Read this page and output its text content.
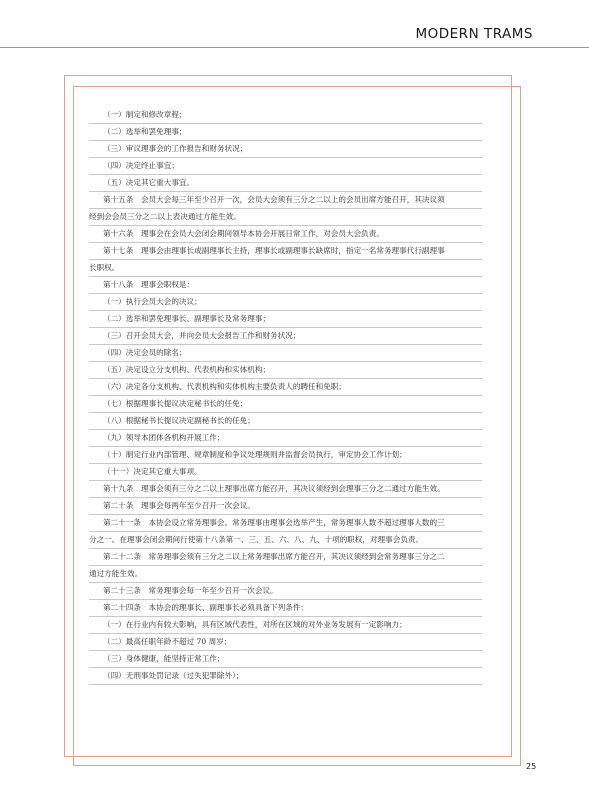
MODERN TRAMS
（一）制定和修改章程；
（二）选举和罢免理事；
（三）审议理事会的工作报告和财务状况；
（四）决定终止事宜；
（五）决定其它重大事宜。
第十五条　会员大会每三年至少召开一次，会员大会须有三分之二以上的会员出席方能召开，其决议须
经到会会员三分之二以上表决通过方能生效。
第十六条　理事会在会员大会闭会期间领导本协会开展日常工作，对会员大会负责。
第十七条　理事会由理事长或副理事长主持，理事长或副理事长缺席时，指定一名常务理事代行副理事
长职权。
第十八条　理事会职权是：
（一）执行会员大会的决议；
（二）选举和罢免理事长、副理事长及常务理事；
（三）召开会员大会，并向会员大会报告工作和财务状况；
（四）决定会员的除名；
（五）决定设立分支机构、代表机构和实体机构；
（六）决定各分支机构、代表机构和实体机构主要负责人的聘任和免职；
（七）根据理事长提议决定秘书长的任免；
（八）根据秘书长提议决定副秘书长的任免；
（九）领导本团体各机构开展工作；
（十）制定行业内部管理、规章制度和争议处理规则并监督会员执行，审定协会工作计划；
（十一）决定其它重大事项。
第十九条　理事会须有三分之二以上理事出席方能召开，其决议须经到会理事三分之二通过方能生效。
第二十条　理事会每两年至少召开一次会议。
第二十一条　本协会设立常务理事会。常务理事由理事会选举产生，常务理事人数不超过理事人数的三
分之一。在理事会闭会期间行使第十八条第一、三、五、六、八、九、十项的职权，对理事会负责。
第二十二条　常务理事会须有三分之二以上常务理事出席方能召开，其决议须经到会常务理事三分之二
通过方能生效。
第二十三条　常务理事会每一年至少召开一次会议。
第二十四条　本协会的理事长、副理事长必须具备下列条件：
（一）在行业内有较大影响，具有区域代表性，对所在区域的对外业务发展有一定影响力；
（二）最高任职年龄不超过 70 周岁；
（三）身体健康，能坚持正常工作；
（四）无刑事处罚记录（过失犯罪除外）；
25
